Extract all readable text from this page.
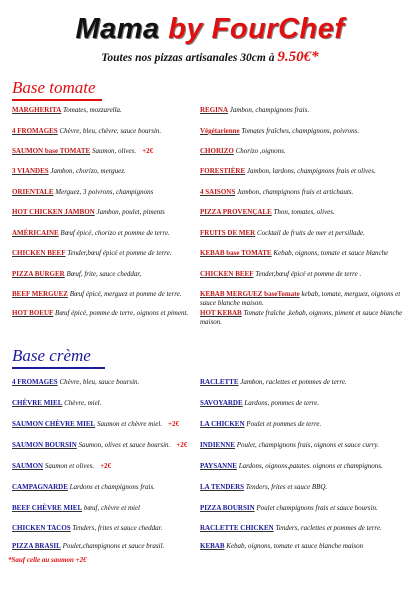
Mama by FourChef
Toutes nos pizzas artisanales 30cm à 9.50€*
Base tomate
MARGHERITA Tomates, mozzarella.
4 FROMAGES Chèvre, bleu, chèvre, sauce boursin.
SAUMON base TOMATE Saumon, olives. +2€
3 VIANDES Jambon, chorizo, merguez.
ORIENTALE Merguez, 3 poivrons, champignons
HOT CHICKEN JAMBON Jambon, poulet, piments
AMÉRICAINE Bœuf épicé, chorizo et pomme de terre.
CHICKEN BEEF Tender,bœuf épicé et pomme de terre.
PIZZA BURGER Bœuf, frite, sauce cheddar,
BEEF MERGUEZ Bœuf épicé, merguez et pomme de terre.
HOT BOEUF Bœuf épicé, pomme de terre, oignons et piment.
REGINA Jambon, champignons frais.
Végétarienne Tomates fraîches, champignons, poivrons.
CHORIZO Chorizo ,oignons.
FORESTIÈRE Jambon, lardons, champignons frais et olives.
4 SAISONS Jambon, champignons frais et artichauts.
PIZZA PROVENÇALE Thon, tomates, olives.
FRUITS DE MER Cocktail de fruits de mer et persillade.
KEBAB base TOMATE Kebab, oignons, tomate et sauce blanche
CHICKEN BEEF Tender,bœuf épicé et pomme de terre .
KEBAB MERGUEZ baseTomate kebab, tomate, merguez, oignons et sauce blanche maison.
HOT KEBAB Tomate fraîche ,kebab, oignons, piment et sauce blanche maison.
Base crème
4 FROMAGES Chèvre, bleu, sauce boursin.
CHÈVRE MIEL Chèvre, miel.
SAUMON CHÈVRE MIEL Saumon et chèvre miel. +2€
SAUMON BOURSIN Saumon, olives et sauce boursin. +2€
SAUMON Saumon et olives. +2€
CAMPAGNARDE Lardons et champignons frais.
BEEF CHÈVRE MIEL bœuf, chèvre et miel
CHICKEN TACOS Tenders, frites et sauce cheddar.
PIZZA BRASIL Poulet,champignons et sauce brasil.
RACLETTE Jambon, raclettes et pommes de terre.
SAVOYARDE Lardons, pommes de terre.
LA CHICKEN Poulet et pommes de terre.
INDIENNE Poulet, champignons frais, oignons et sauce curry.
PAYSANNE Lardons, oignons,patates. oignons et champignons.
LA TENDERS Tenders, frites et sauce BBQ.
PIZZA BOURSIN Poulet champignons frais et sauce boursin.
RACLETTE CHICKEN Tenders, raclettes et pommes de terre.
KEBAB Kebab, oignons, tomate et sauce blanche maison
*Sauf celle au saumon +2€
